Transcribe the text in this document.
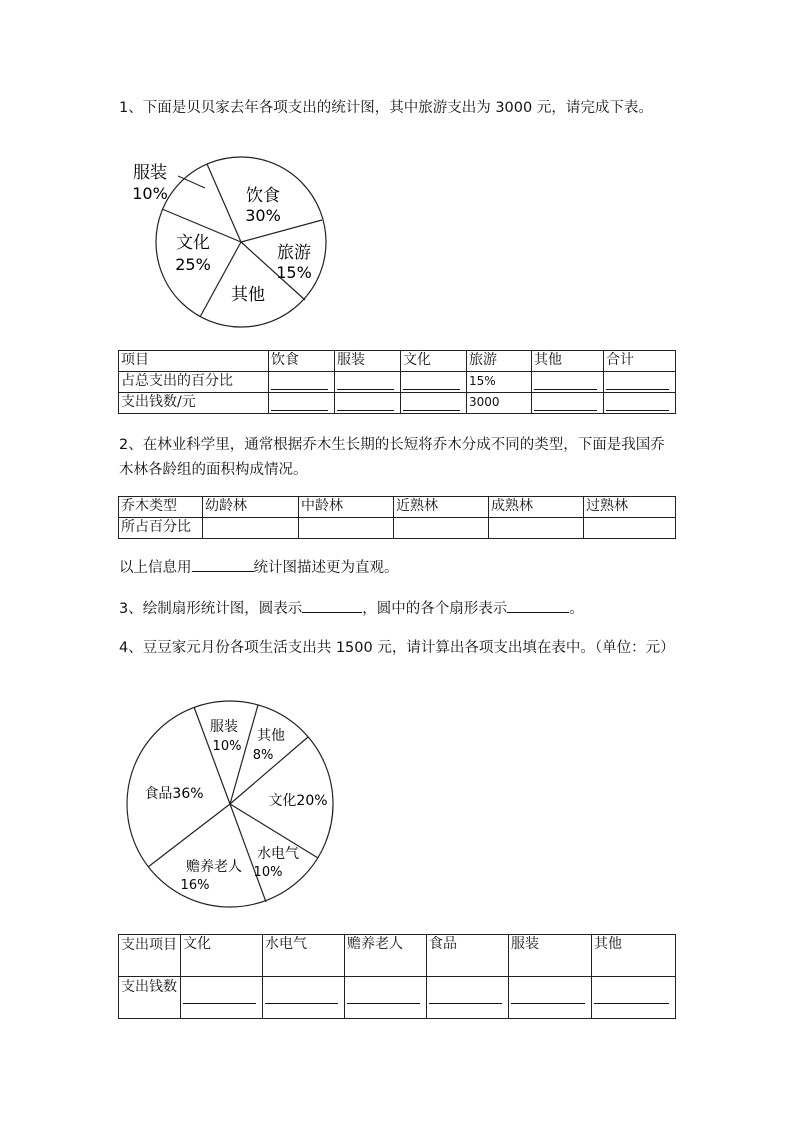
1、下面是贝贝家去年各项支出的统计图，其中旅游支出为 3000 元，请完成下表。

服装
10%	饮食
30%
旅游
15%
其他
文化
25%
项目	饮食	服装	文化	旅游	其他	合计
占总支出的百分比				15%	

支出钱数/元				3000	

2、在林业科学里，通常根据乔木生长期的长短将乔木分成不同的类型，下面是我国乔木林各龄组的面积构成情况。

乔木类型	幼龄林	中龄林	近熟林	成熟林	过熟林
所占百分比					

以上信息用	统计图描述更为直观。

3、绘制扇形统计图，圆表示	，圆中的各个扇形表示	。

4、豆豆家元月份各项生活支出共 1500 元，请计算出各项支出填在表中。（单位：元）

服装
10%
其他
8%
文化20%
水电气
10%
赡养老人
16%
食品36%
支出项目	文化	水电气	赡养老人	食品	服装	其他
支出钱数	
